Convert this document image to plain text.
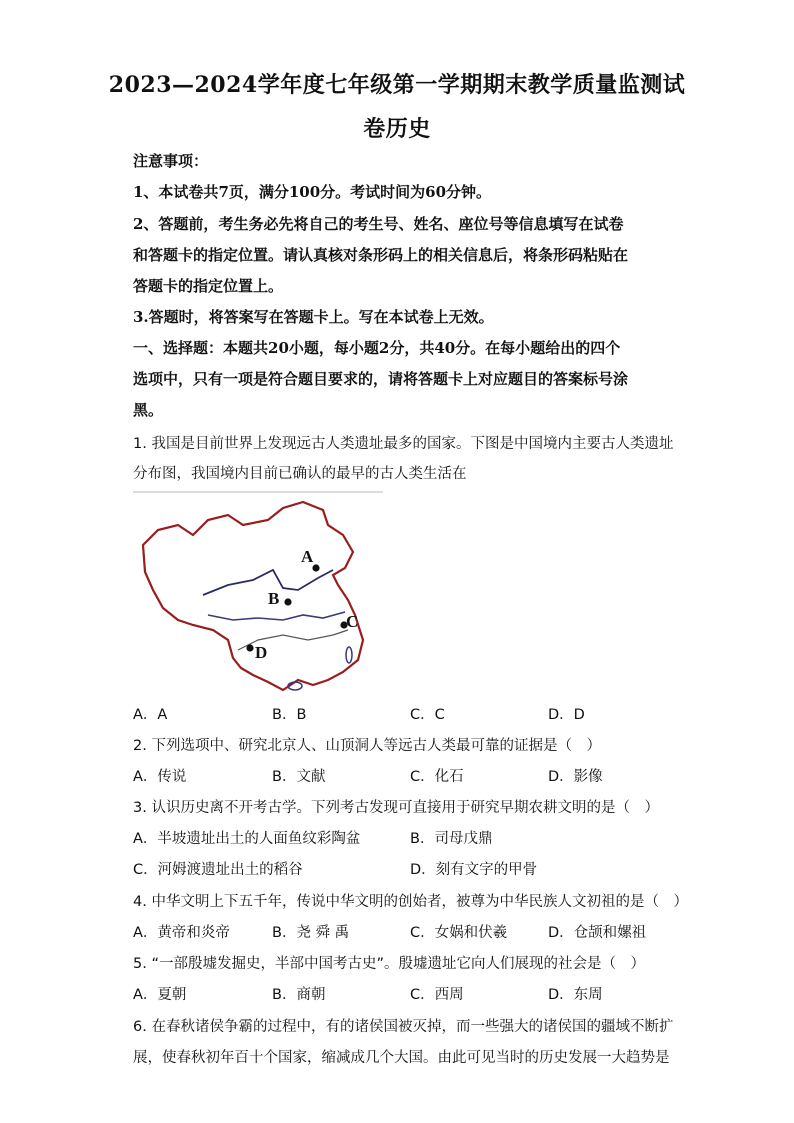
2023—2024学年度七年级第一学期期末教学质量监测试
卷历史
注意事项：
1、本试卷共7页，满分100分。考试时间为60分钟。
2、答题前，考生务必先将自己的考生号、姓名、座位号等信息填写在试卷
和答题卡的指定位置。请认真核对条形码上的相关信息后，将条形码粘贴在
答题卡的指定位置上。
3.答题时，将答案写在答题卡上。写在本试卷上无效。
一、选择题：本题共20小题，每小题2分，共40分。在每小题给出的四个
选项中，只有一项是符合题目要求的，请将答题卡上对应题目的答案标号涂
黑。
1. 我国是目前世界上发现远古人类遗址最多的国家。下图是中国境内主要古人类遗址
分布图，我国境内目前已确认的最早的古人类生活在
A
B
C
D
A．A	B．B	C．C	D．D
2. 下列选项中、研究北京人、山顶洞人等远古人类最可靠的证据是（　）
A．传说	B．文献	C．化石	D．影像
3. 认识历史离不开考古学。下列考古发现可直接用于研究早期农耕文明的是（　）
A．半坡遗址出土的人面鱼纹彩陶盆	B．司母戊鼎
C．河姆渡遗址出土的稻谷	D．刻有文字的甲骨
4. 中华文明上下五千年，传说中华文明的创始者，被尊为中华民族人文初祖的是（　）
A．黄帝和炎帝	B．尧 舜 禹	C．女娲和伏羲	D．仓颉和嫘祖
5. “一部殷墟发掘史，半部中国考古史”。殷墟遗址它向人们展现的社会是（　）
A．夏朝	B．商朝	C．西周	D．东周
6. 在春秋诸侯争霸的过程中，有的诸侯国被灭掉，而一些强大的诸侯国的疆域不断扩
展，使春秋初年百十个国家，缩减成几个大国。由此可见当时的历史发展一大趋势是
